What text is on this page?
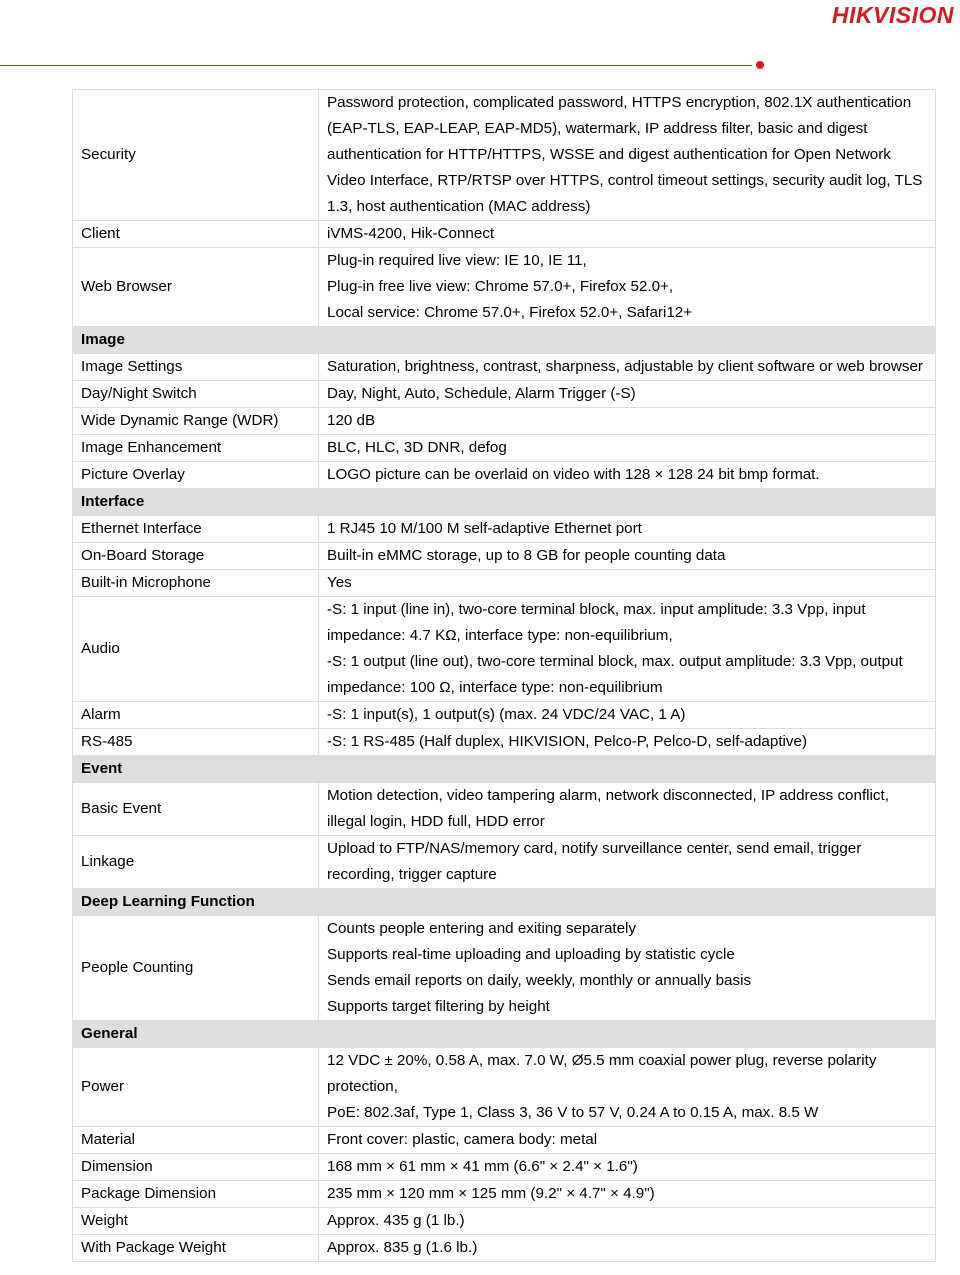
HIKVISION
Security	Password protection, complicated password, HTTPS encryption, 802.1X authentication (EAP-TLS, EAP-LEAP, EAP-MD5), watermark, IP address filter, basic and digest authentication for HTTP/HTTPS, WSSE and digest authentication for Open Network Video Interface, RTP/RTSP over HTTPS, control timeout settings, security audit log, TLS 1.3, host authentication (MAC address)

Client	iVMS-4200, Hik-Connect

Web Browser	Plug-in required live view: IE 10, IE 11,
Plug-in free live view: Chrome 57.0+, Firefox 52.0+,
Local service: Chrome 57.0+, Firefox 52.0+, Safari12+

Image	
Image Settings	Saturation, brightness, contrast, sharpness, adjustable by client software or web browser

Day/Night Switch	Day, Night, Auto, Schedule, Alarm Trigger (-S)

Wide Dynamic Range (WDR)	120 dB

Image Enhancement	BLC, HLC, 3D DNR, defog

Picture Overlay	LOGO picture can be overlaid on video with 128 × 128 24 bit bmp format.

Interface	
Ethernet Interface	1 RJ45 10 M/100 M self-adaptive Ethernet port

On-Board Storage	Built-in eMMC storage, up to 8 GB for people counting data

Built-in Microphone	Yes

Audio	-S: 1 input (line in), two-core terminal block, max. input amplitude: 3.3 Vpp, input impedance: 4.7 KΩ, interface type: non-equilibrium,
-S: 1 output (line out), two-core terminal block, max. output amplitude: 3.3 Vpp, output impedance: 100 Ω, interface type: non-equilibrium

Alarm	-S: 1 input(s), 1 output(s) (max. 24 VDC/24 VAC, 1 A)

RS-485	-S: 1 RS-485 (Half duplex, HIKVISION, Pelco-P, Pelco-D, self-adaptive)

Event	
Basic Event	Motion detection, video tampering alarm, network disconnected, IP address conflict, illegal login, HDD full, HDD error

Linkage	Upload to FTP/NAS/memory card, notify surveillance center, send email, trigger recording, trigger capture

Deep Learning Function	
People Counting	Counts people entering and exiting separately
Supports real-time uploading and uploading by statistic cycle
Sends email reports on daily, weekly, monthly or annually basis
Supports target filtering by height

General	
Power	12 VDC ± 20%, 0.58 A, max. 7.0 W, Ø5.5 mm coaxial power plug, reverse polarity protection,
PoE: 802.3af, Type 1, Class 3, 36 V to 57 V, 0.24 A to 0.15 A, max. 8.5 W

Material	Front cover: plastic, camera body: metal

Dimension	168 mm × 61 mm × 41 mm (6.6" × 2.4" × 1.6")

Package Dimension	235 mm × 120 mm × 125 mm (9.2" × 4.7" × 4.9")

Weight	Approx. 435 g (1 lb.)

With Package Weight	Approx. 835 g (1.6 lb.)
